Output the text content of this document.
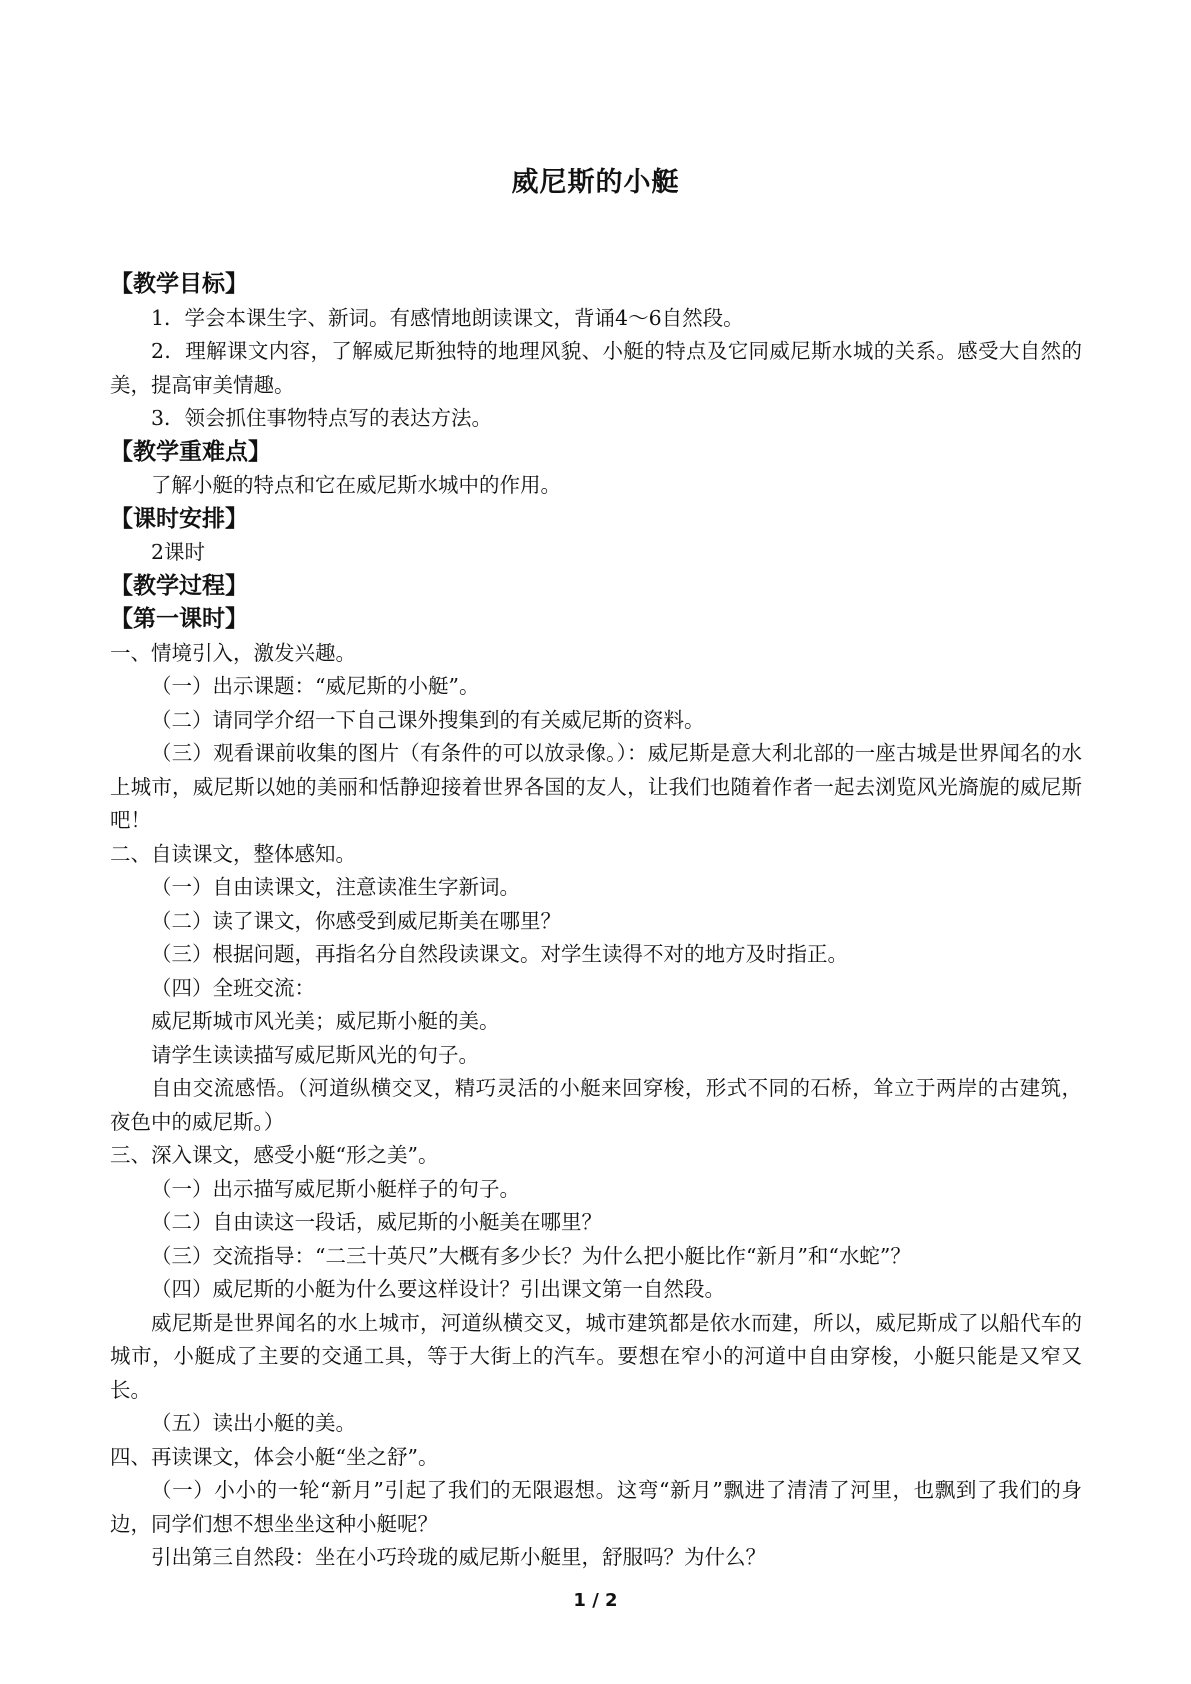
威尼斯的小艇
【教学目标】

1．学会本课生字、新词。有感情地朗读课文，背诵4～6自然段。

2．理解课文内容，了解威尼斯独特的地理风貌、小艇的特点及它同威尼斯水城的关系。感受大自然的美，提高审美情趣。

3．领会抓住事物特点写的表达方法。

【教学重难点】

了解小艇的特点和它在威尼斯水城中的作用。

【课时安排】

2课时

【教学过程】
【第一课时】

一、情境引入，激发兴趣。

（一）出示课题：“威尼斯的小艇”。

（二）请同学介绍一下自己课外搜集到的有关威尼斯的资料。

（三）观看课前收集的图片（有条件的可以放录像。）：威尼斯是意大利北部的一座古城是世界闻名的水上城市，威尼斯以她的美丽和恬静迎接着世界各国的友人，让我们也随着作者一起去浏览风光旖旎的威尼斯吧！

二、自读课文，整体感知。

（一）自由读课文，注意读准生字新词。

（二）读了课文，你感受到威尼斯美在哪里？

（三）根据问题，再指名分自然段读课文。对学生读得不对的地方及时指正。

（四）全班交流：

威尼斯城市风光美；威尼斯小艇的美。

请学生读读描写威尼斯风光的句子。

自由交流感悟。（河道纵横交叉，精巧灵活的小艇来回穿梭，形式不同的石桥，耸立于两岸的古建筑，夜色中的威尼斯。）

三、深入课文，感受小艇“形之美”。

（一）出示描写威尼斯小艇样子的句子。

（二）自由读这一段话，威尼斯的小艇美在哪里？

（三）交流指导：“二三十英尺”大概有多少长？为什么把小艇比作“新月”和“水蛇”？

（四）威尼斯的小艇为什么要这样设计？引出课文第一自然段。

威尼斯是世界闻名的水上城市，河道纵横交叉，城市建筑都是依水而建，所以，威尼斯成了以船代车的城市，小艇成了主要的交通工具，等于大街上的汽车。要想在窄小的河道中自由穿梭，小艇只能是又窄又长。

（五）读出小艇的美。

四、再读课文，体会小艇“坐之舒”。

（一）小小的一轮“新月”引起了我们的无限遐想。这弯“新月”飘进了清清了河里，也飘到了我们的身边，同学们想不想坐坐这种小艇呢？

引出第三自然段：坐在小巧玲珑的威尼斯小艇里，舒服吗？为什么？

1 / 2
